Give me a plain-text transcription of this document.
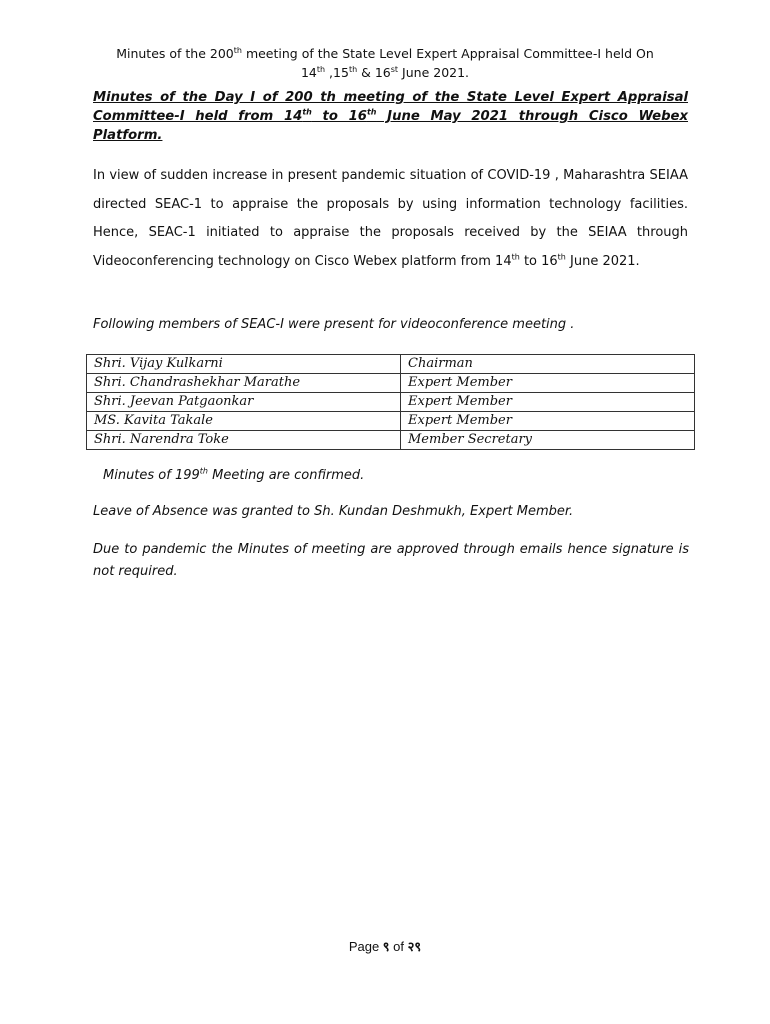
Minutes of the 200th meeting of the State Level Expert Appraisal Committee-I held On
14th ,15th & 16st June 2021.
Minutes of the Day I of 200 th meeting of the State Level Expert Appraisal Committee-I held from 14th to 16th June May 2021 through Cisco Webex Platform.
In view of sudden increase in present pandemic situation of COVID-19 , Maharashtra SEIAA directed SEAC-1 to appraise the proposals by using information technology facilities. Hence, SEAC-1 initiated to appraise the proposals received by the SEIAA through Videoconferencing technology on Cisco Webex platform from 14th to 16th June 2021.
Following members of SEAC-I were present for videoconference meeting .
Shri. Vijay Kulkarni	Chairman
Shri. Chandrashekhar Marathe	Expert Member
Shri. Jeevan Patgaonkar	Expert Member
MS. Kavita Takale	Expert Member
Shri. Narendra Toke	Member Secretary
Minutes of 199th Meeting are confirmed.
Leave of Absence was granted to Sh. Kundan Deshmukh, Expert Member.
Due to pandemic the Minutes of meeting are approved through emails hence signature is not required.
Page ९ of २९
